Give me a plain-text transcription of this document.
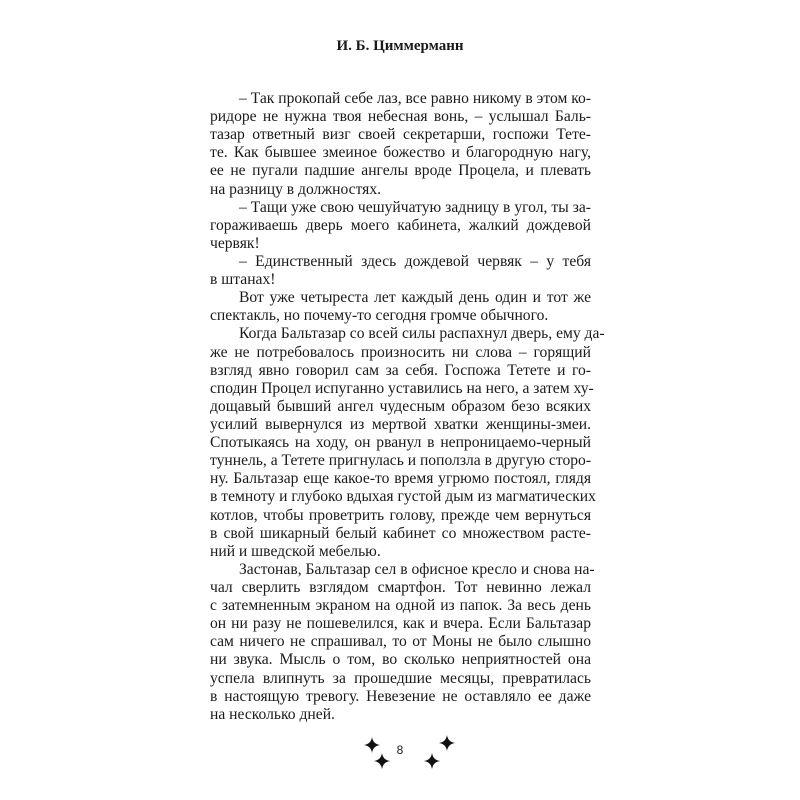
И. Б. Циммерманн
– Так прокопай себе лаз, все равно никому в этом ко-
ридоре не нужна твоя небесная вонь, – услышал Баль-
тазар ответный визг своей секретарши, госпожи Тете-
те. Как бывшее змеиное божество и благородную нагу,
ее не пугали падшие ангелы вроде Процела, и плевать
на разницу в должностях.
– Тащи уже свою чешуйчатую задницу в угол, ты за-
гораживаешь дверь моего кабинета, жалкий дождевой
червяк!
– Единственный здесь дождевой червяк – у тебя
в штанах!
Вот уже четыреста лет каждый день один и тот же
спектакль, но почему-то сегодня громче обычного.
Когда Бальтазар со всей силы распахнул дверь, ему да-
же не потребовалось произносить ни слова – горящий
взгляд явно говорил сам за себя. Госпожа Тетете и го-
сподин Процел испуганно уставились на него, а затем ху-
дощавый бывший ангел чудесным образом безо всяких
усилий вывернулся из мертвой хватки женщины-змеи.
Спотыкаясь на ходу, он рванул в непроницаемо-черный
туннель, а Тетете пригнулась и поползла в другую сторо-
ну. Бальтазар еще какое-то время угрюмо постоял, глядя
в темноту и глубоко вдыхая густой дым из магматических
котлов, чтобы проветрить голову, прежде чем вернуться
в свой шикарный белый кабинет со множеством расте-
ний и шведской мебелью.
Застонав, Бальтазар сел в офисное кресло и снова на-
чал сверлить взглядом смартфон. Тот невинно лежал
с затемненным экраном на одной из папок. За весь день
он ни разу не пошевелился, как и вчера. Если Бальтазар
сам ничего не спрашивал, то от Моны не было слышно
ни звука. Мысль о том, во сколько неприятностей она
успела влипнуть за прошедшие месяцы, превратилась
в настоящую тревогу. Невезение не оставляло ее даже
на несколько дней.
8
